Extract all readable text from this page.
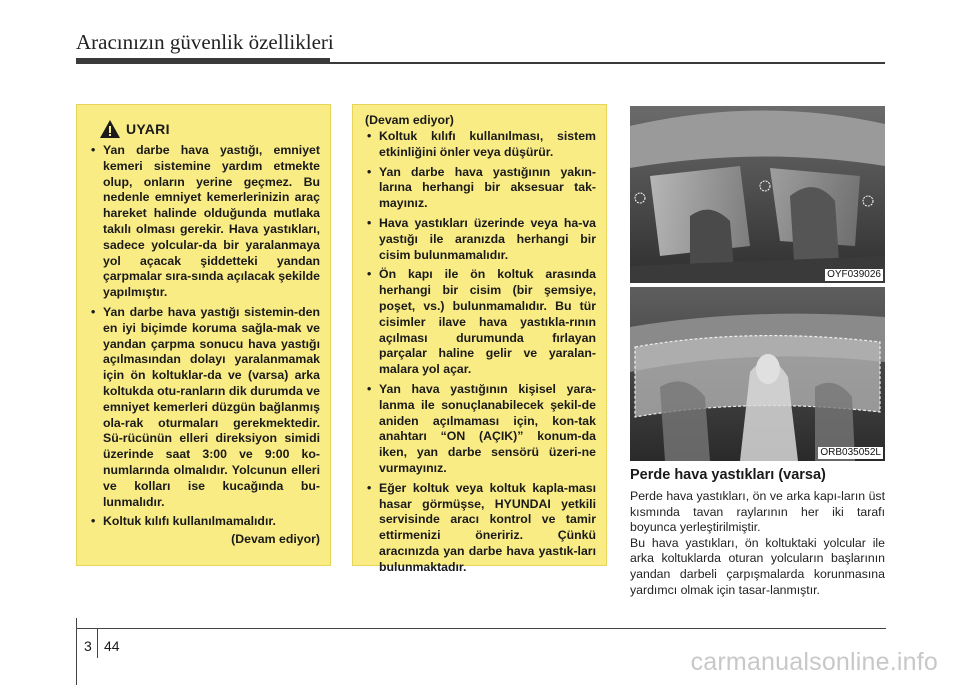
Aracınızın güvenlik özellikleri
UYARI
• Yan darbe hava yastığı, emniyet kemeri sistemine yardım etmekte olup, onların yerine geçmez. Bu nedenle emniyet kemerlerinizin araç hareket halinde olduğunda mutlaka takılı olması gerekir. Hava yastıkları, sadece yolcular-da bir yaralanmaya yol açacak şiddetteki yandan çarpmalar sıra-sında açılacak şekilde yapılmıştır.
• Yan darbe hava yastığı sistemin-den en iyi biçimde koruma sağla-mak ve yandan çarpma sonucu hava yastığı açılmasından dolayı yaralanmamak için ön koltuklar-da ve (varsa) arka koltukda otu-ranların dik durumda ve emniyet kemerleri düzgün bağlanmış ola-rak oturmaları gerekmektedir. Sü-rücünün elleri direksiyon simidi üzerinde saat 3:00 ve 9:00 ko-numlarında olmalıdır. Yolcunun elleri ve kolları ise kucağında bu-lunmalıdır.
• Koltuk kılıfı kullanılmamalıdır.
(Devam ediyor)
(Devam ediyor)
• Koltuk kılıfı kullanılması, sistem etkinliğini önler veya düşürür.
• Yan darbe hava yastığının yakın-larına herhangi bir aksesuar tak-mayınız.
• Hava yastıkları üzerinde veya ha-va yastığı ile aranızda herhangi bir cisim bulunmamalıdır.
• Ön kapı ile ön koltuk arasında herhangi bir cisim (bir şemsiye, poşet, vs.) bulunmamalıdır. Bu tür cisimler ilave hava yastıkla-rının açılması durumunda fırlayan parçalar haline gelir ve yaralan-malara yol açar.
• Yan hava yastığının kişisel yara-lanma ile sonuçlanabilecek şekil-de aniden açılmaması için, kon-tak anahtarı “ON (AÇIK)” konum-da iken, yan darbe sensörü üzeri-ne vurmayınız.
• Eğer koltuk veya koltuk kapla-ması hasar görmüşse, HYUNDAI yetkili servisinde aracı kontrol ve tamir ettirmenizi öneririz. Çünkü aracınızda yan darbe hava yastık-ları bulunmaktadır.
OYF039026
ORB035052L
Perde hava yastıkları (varsa)

Perde hava yastıkları, ön ve arka kapı-ların üst kısmında tavan raylarının her iki tarafı boyunca yerleştirilmiştir.

Bu hava yastıkları, ön koltuktaki yolcular ile arka koltuklarda oturan yolcuların başlarının yandan darbeli çarpışmalarda korunmasına yardımcı olmak için tasar-lanmıştır.

3 44
carmanualsonline.info
